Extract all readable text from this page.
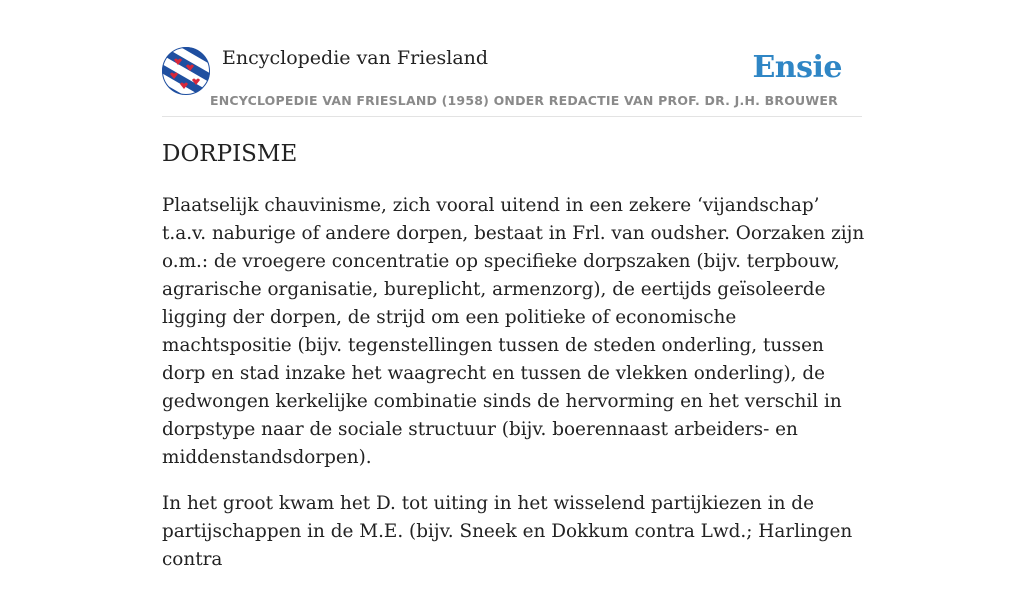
Encyclopedie van Friesland
ENCYCLOPEDIE VAN FRIESLAND (1958) ONDER REDACTIE VAN PROF. DR. J.H. BROUWER
Ensie
DORPISME

Plaatselijk chauvinisme, zich vooral uitend in een zekere ‘vijandschap’ t.a.v. naburige of andere dorpen, bestaat in Frl. van oudsher. Oorzaken zijn o.m.: de vroegere concentratie op specifieke dorpszaken (bijv. terpbouw, agrarische organisatie, bureplicht, armenzorg), de eertijds geïsoleerde ligging der dorpen, de strijd om een politieke of economische machtspositie (bijv. tegenstellingen tussen de steden onderling, tussen dorp en stad inzake het waagrecht en tussen de vlekken onderling), de gedwongen kerkelijke combinatie sinds de hervorming en het verschil in dorpstype naar de sociale structuur (bijv. boerennaast arbeiders- en middenstandsdorpen).

In het groot kwam het D. tot uiting in het wisselend partijkiezen in de partijschappen in de M.E. (bijv. Sneek en Dokkum contra Lwd.; Harlingen contra
